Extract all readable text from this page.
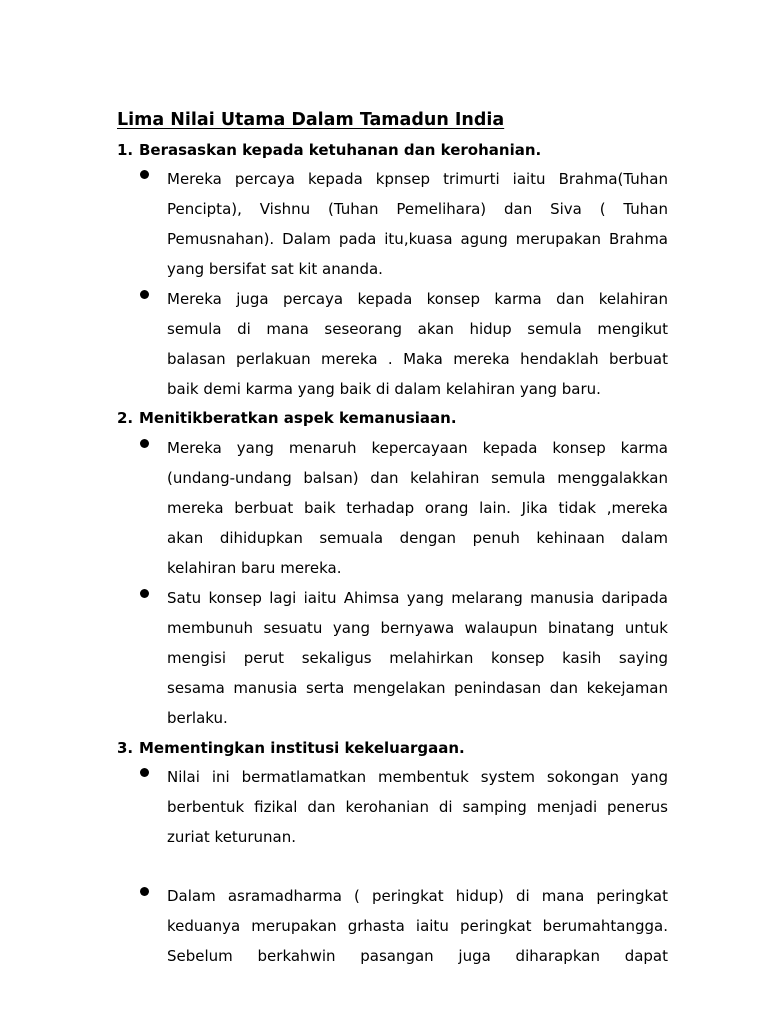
Lima Nilai Utama Dalam Tamadun India
1. Berasaskan kepada ketuhanan dan kerohanian.

Mereka percaya kepada kpnsep trimurti iaitu Brahma(Tuhan

Pencipta), Vishnu (Tuhan Pemelihara) dan Siva ( Tuhan

Pemusnahan). Dalam pada itu,kuasa agung merupakan Brahma

yang bersifat sat kit ananda.

Mereka juga percaya kepada konsep karma dan kelahiran

semula di mana seseorang akan hidup semula mengikut

balasan perlakuan mereka . Maka mereka hendaklah berbuat

baik demi karma yang baik di dalam kelahiran yang baru.

2. Menitikberatkan aspek kemanusiaan.

Mereka yang menaruh kepercayaan kepada konsep karma

(undang-undang balsan) dan kelahiran semula menggalakkan

mereka berbuat baik terhadap orang lain. Jika tidak ,mereka

akan dihidupkan semuala dengan penuh kehinaan dalam

kelahiran baru mereka.

Satu konsep lagi iaitu Ahimsa yang melarang manusia daripada

membunuh sesuatu yang bernyawa walaupun binatang untuk

mengisi perut sekaligus melahirkan konsep kasih saying

sesama manusia serta mengelakan penindasan dan kekejaman

berlaku.

3. Mementingkan institusi kekeluargaan.

Nilai ini bermatlamatkan membentuk system sokongan yang

berbentuk fizikal dan kerohanian di samping menjadi penerus

zuriat keturunan.

Dalam asramadharma ( peringkat hidup) di mana peringkat

keduanya merupakan grhasta iaitu peringkat berumahtangga.

Sebelum berkahwin pasangan juga diharapkan dapat
